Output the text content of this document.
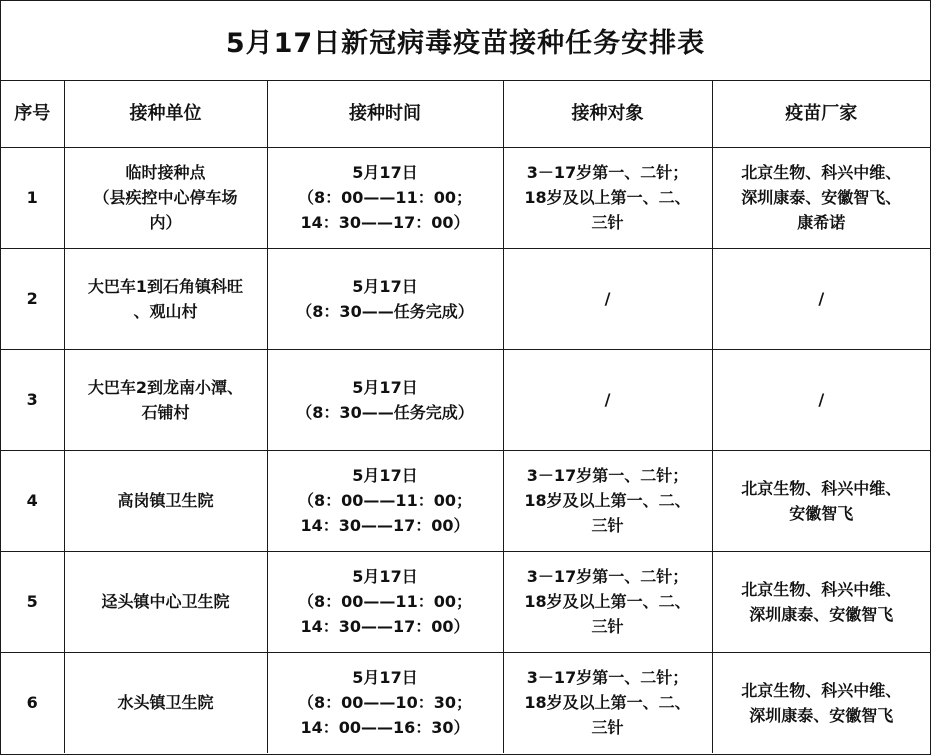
5月17日新冠病毒疫苗接种任务安排表
序号	接种单位	接种时间	接种对象	疫苗厂家
1	临时接种点
（县疾控中心停车场
内）	5月17日
（8：00——11：00；
14：30——17：00）	3－17岁第一、二针；
18岁及以上第一、二、
三针	北京生物、科兴中维、
深圳康泰、安徽智飞、
康希诺

2	大巴车1到石角镇科旺
、观山村	5月17日
（8：30——任务完成）	/	/

3	大巴车2到龙南小潭、
石铺村	5月17日
（8：30——任务完成）	/	/

4	高岗镇卫生院	5月17日
（8：00——11：00；
14：30——17：00）	3－17岁第一、二针；
18岁及以上第一、二、
三针	北京生物、科兴中维、
安徽智飞

5	迳头镇中心卫生院	5月17日
（8：00——11：00；
14：30——17：00）	3－17岁第一、二针；
18岁及以上第一、二、
三针	北京生物、科兴中维、
深圳康泰、安徽智飞

6	水头镇卫生院	5月17日
（8：00——10：30；
14：00——16：30）	3－17岁第一、二针；
18岁及以上第一、二、
三针	北京生物、科兴中维、
深圳康泰、安徽智飞
